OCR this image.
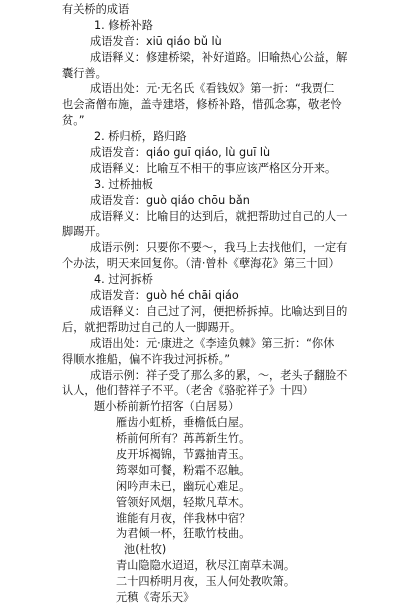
有关桥的成语
1. 修桥补路
成语发音：xiū qiáo bǔ lù
成语释义：修建桥梁，补好道路。旧喻热心公益，解
囊行善。
成语出处：元·无名氏《看钱奴》第一折：“我贾仁
也会斋僧布施，盖寺建塔，修桥补路，惜孤念寡，敬老怜
贫。”
2. 桥归桥，路归路
成语发音：qiáo guī qiáo, lù guī lù
成语释义：比喻互不相干的事应该严格区分开来。
3. 过桥抽板
成语发音：guò qiáo chōu bǎn
成语释义：比喻目的达到后，就把帮助过自己的人一
脚踢开。
成语示例：只要你不要～，我马上去找他们，一定有
个办法，明天来回复你。（清·曾朴《孽海花》第三十回）
4. 过河拆桥
成语发音：guò hé chāi qiáo
成语释义：自己过了河，便把桥拆掉。比喻达到目的
后，就把帮助过自己的人一脚踢开。
成语出处：元·康进之《李逵负棘》第三折：“你休
得顺水推船，偏不许我过河拆桥。”
成语示例：祥子受了那么多的累，～，老头子翻脸不
认人，他们替祥子不平。（老舍《骆驼祥子》十四）
题小桥前新竹招客（白居易）
雁齿小虹桥，垂檐低白屋。
桥前何所有？苒苒新生竹。
皮开坼褐锦，节露抽青玉。
筠翠如可餐，粉霜不忍触。
闲吟声未已，幽玩心难足。
管领好风烟，轻欺凡草木。
谁能有月夜，伴我林中宿？
为君倾一杯，狂歌竹枝曲。
池(杜牧)
青山隐隐水迢迢，秋尽江南草未凋。
二十四桥明月夜，玉人何处教吹箫。
元稹《寄乐天》
